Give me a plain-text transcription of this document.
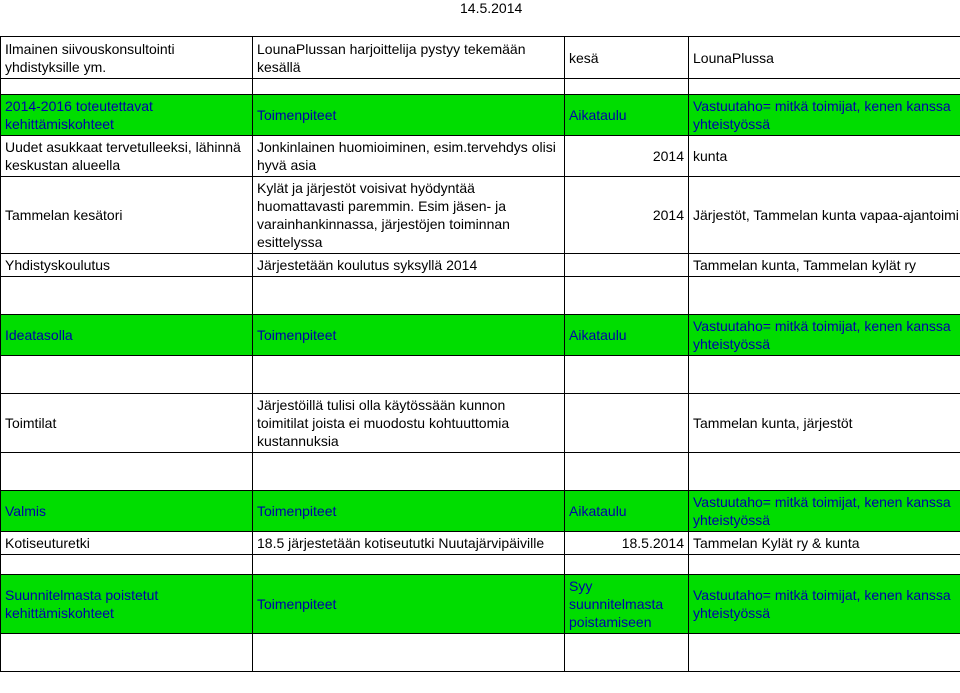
14.5.2014
Ilmainen siivouskonsultointi yhdistyksille ym.	LounaPlussan harjoittelija pystyy tekemään kesällä	kesä	LounaPlussa

2014-2016 toteutettavat kehittämiskohteet	Toimenpiteet	Aikataulu	Vastuutaho= mitkä toimijat, kenen kanssa yhteistyössä
Uudet asukkaat tervetulleeksi, lähinnä keskustan alueella	Jonkinlainen huomioiminen, esim.tervehdys olisi hyvä asia	2014	kunta
Tammelan kesätori	Kylät ja järjestöt voisivat hyödyntää huomattavasti paremmin. Esim jäsen- ja varainhankinnassa, järjestöjen toiminnan esittelyssa	2014	Järjestöt, Tammelan kunta vapaa-ajantoimi
Yhdistyskoulutus	Järjestetään koulutus syksyllä 2014		Tammelan kunta, Tammelan kylät ry

Ideatasolla	Toimenpiteet	Aikataulu	Vastuutaho= mitkä toimijat, kenen kanssa yhteistyössä

Toimtilat	Järjestöillä tulisi olla käytössään kunnon toimitilat joista ei muodostu kohtuuttomia kustannuksia		Tammelan kunta, järjestöt

Valmis	Toimenpiteet	Aikataulu	Vastuutaho= mitkä toimijat, kenen kanssa yhteistyössä
Kotiseuturetki	18.5 järjestetään kotiseututki Nuutajärvipäiville	18.5.2014	Tammelan Kylät ry & kunta

Suunnitelmasta poistetut kehittämiskohteet	Toimenpiteet	Syy suunnitelmasta poistamiseen	Vastuutaho= mitkä toimijat, kenen kanssa yhteistyössä
